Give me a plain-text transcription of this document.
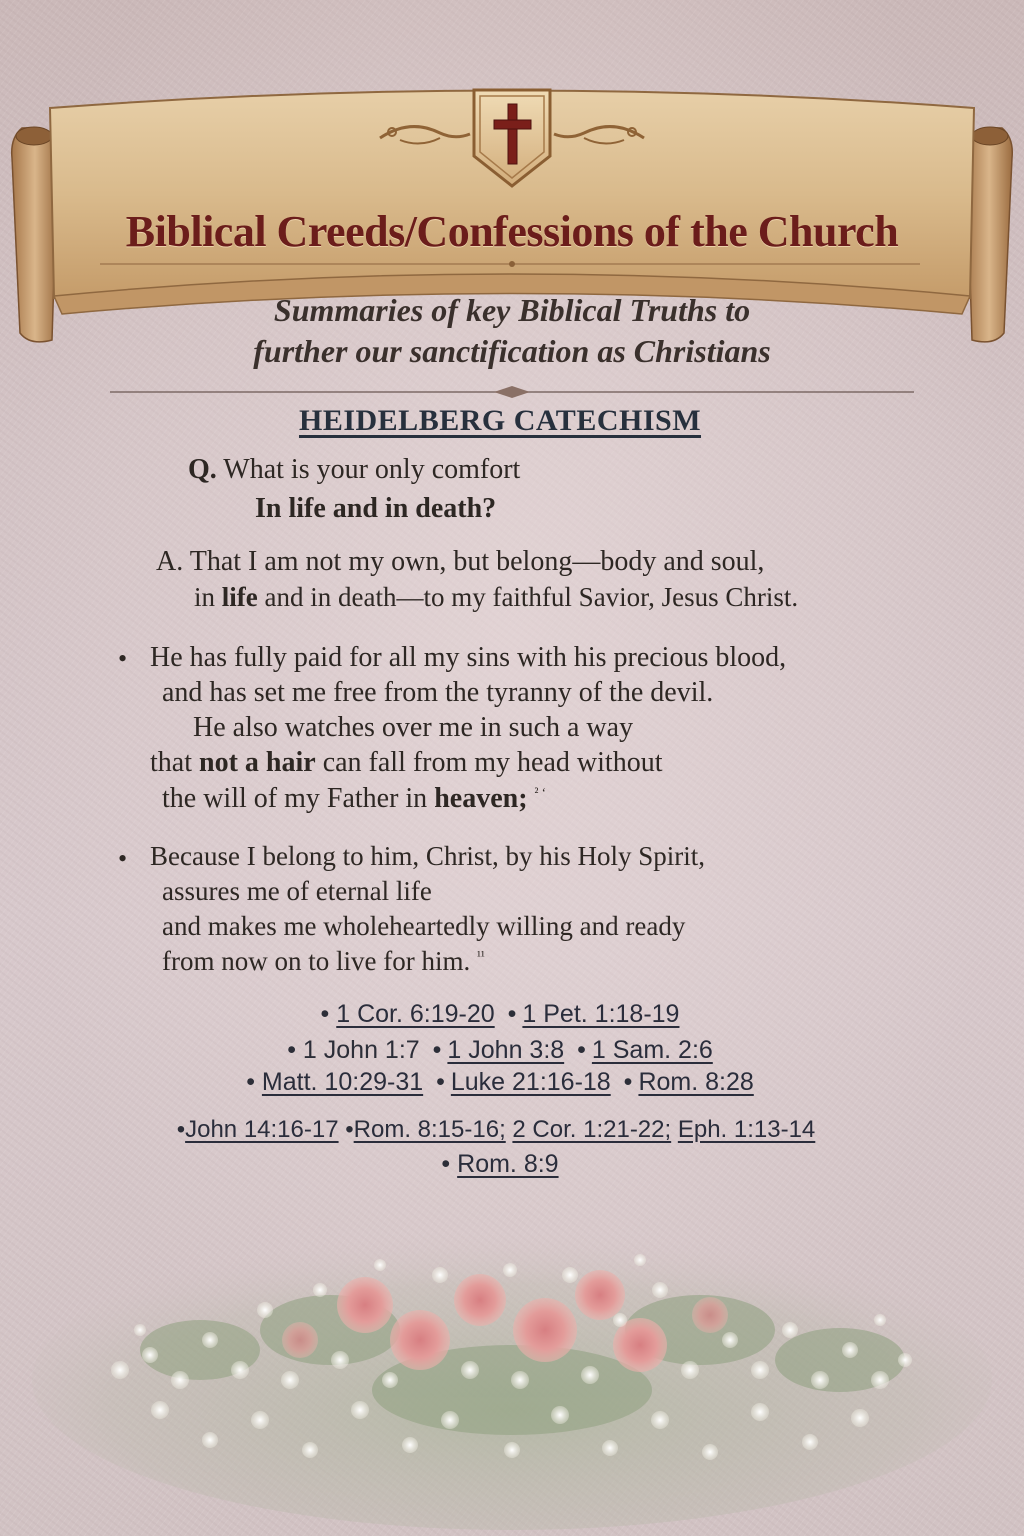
Biblical Creeds/Confessions of the Church
Summaries of key Biblical Truths to
further our sanctification as Christians
HEIDELBERG CATECHISM
Q. What is your only comfort
In life and in death?
A. That I am not my own, but belong—body and soul,
in life and in death—to my faithful Savior, Jesus Christ.
• He has fully paid for all my sins with his precious blood,
and has set me free from the tyranny of the devil.
He also watches over me in such a way
that not a hair can fall from my head without
the will of my Father in heaven; $^{^2 ‘}$
• Because I belong to him, Christ, by his Holy Spirit,
assures me of eternal life
and makes me wholeheartedly willing and ready
from now on to live for him. $^{^{11}}$
• 1 Cor. 6:19-20 • 1 Pet. 1:18-19
• 1 John 1:7 • 1 John 3:8 • 1 Sam. 2:6
• Matt. 10:29-31 • Luke 21:16-18 • Rom. 8:28
•John 14:16-17 •Rom. 8:15-16; 2 Cor. 1:21-22; Eph. 1:13-14
• Rom. 8:9
